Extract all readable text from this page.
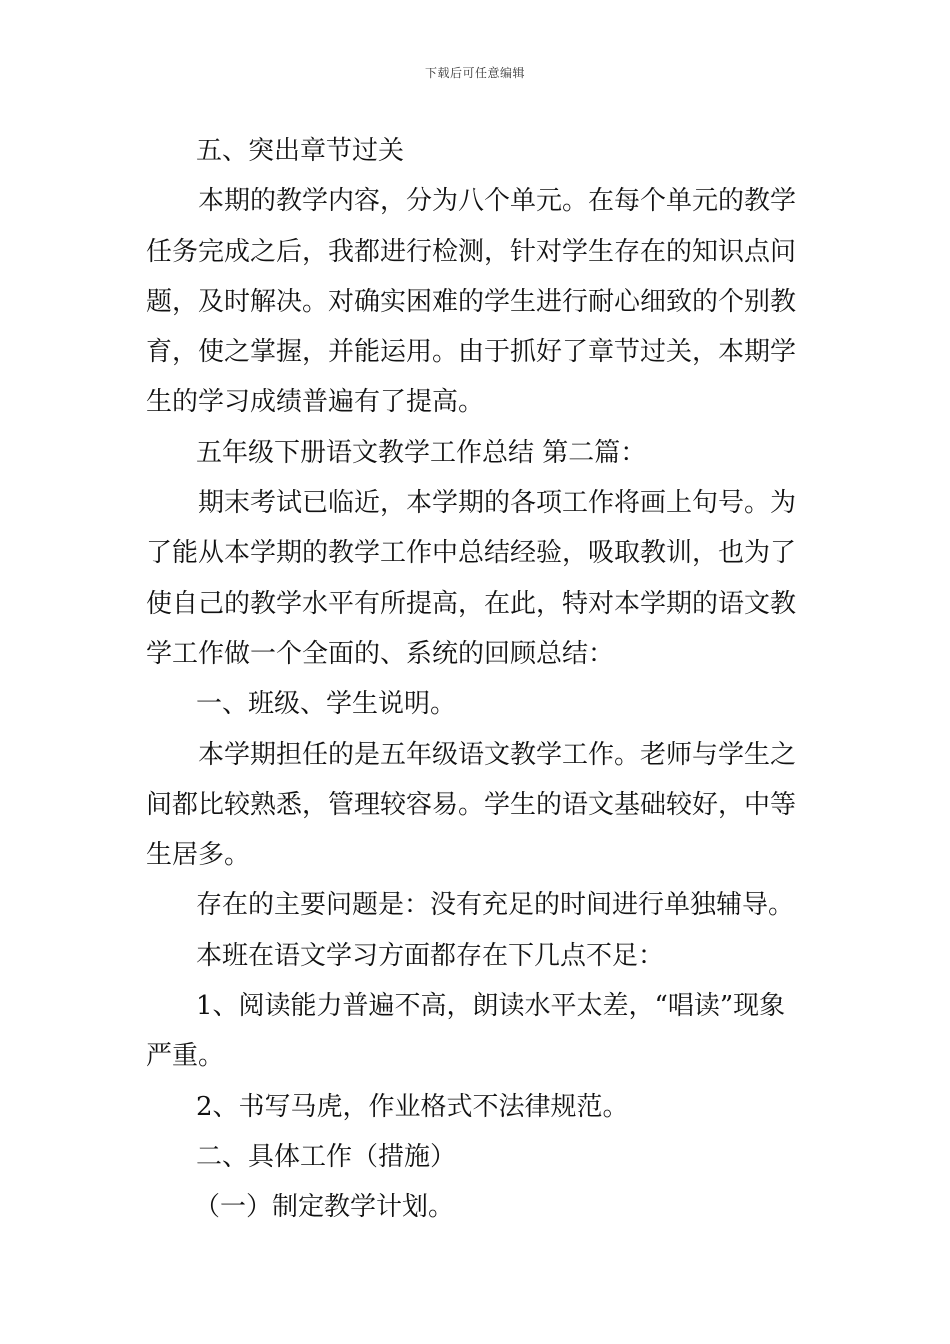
下载后可任意编辑
五、突出章节过关
本期的教学内容，分为八个单元。在每个单元的教学
任务完成之后，我都进行检测，针对学生存在的知识点问
题，及时解决。对确实困难的学生进行耐心细致的个别教
育，使之掌握，并能运用。由于抓好了章节过关，本期学
生的学习成绩普遍有了提高。
五年级下册语文教学工作总结 第二篇：
期末考试已临近，本学期的各项工作将画上句号。为
了能从本学期的教学工作中总结经验，吸取教训，也为了
使自己的教学水平有所提高，在此，特对本学期的语文教
学工作做一个全面的、系统的回顾总结：
一、班级、学生说明。
本学期担任的是五年级语文教学工作。老师与学生之
间都比较熟悉，管理较容易。学生的语文基础较好，中等
生居多。
存在的主要问题是：没有充足的时间进行单独辅导。
本班在语文学习方面都存在下几点不足：
1、阅读能力普遍不高，朗读水平太差，“唱读”现象
严重。
2、书写马虎，作业格式不法律规范。
二、具体工作（措施）
（一）制定教学计划。
